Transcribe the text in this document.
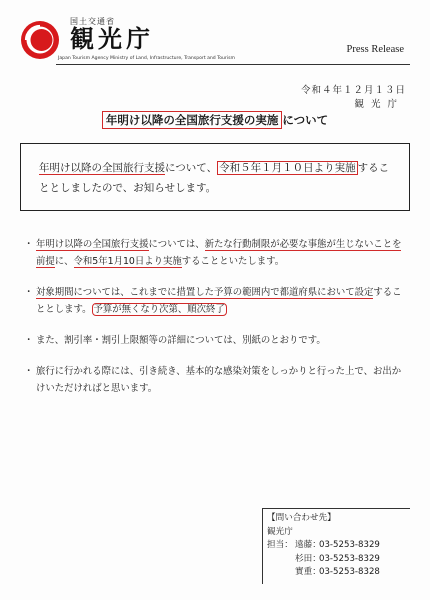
国土交通省
観光庁
Japan Tourism Agency Ministry of Land, Infrastructure, Transport and Tourism
Press Release
令和４年１２月１３日
観光庁
年明け以降の全国旅行支援の実施 について
年明け以降の全国旅行支援について、 令和５年１月１０日より実施 することとしましたので、お知らせします。
・ 年明け以降の全国旅行支援については、新たな行動制限が必要な事態が生じないことを前提に、令和5年1月10日より実施することといたします。
・ 対象期間については、これまでに措置した予算の範囲内で都道府県において設定することとします。 予算が無くなり次第、順次終了
・ また、割引率・割引上限額等の詳細については、別紙のとおりです。
・ 旅行に行かれる際には、引き続き、基本的な感染対策をしっかりと行った上で、お出かけいただければと思います。
【問い合わせ先】
観光庁
担当： 遠藤：03-5253-8329
杉田：03-5253-8329
實重：03-5253-8328
